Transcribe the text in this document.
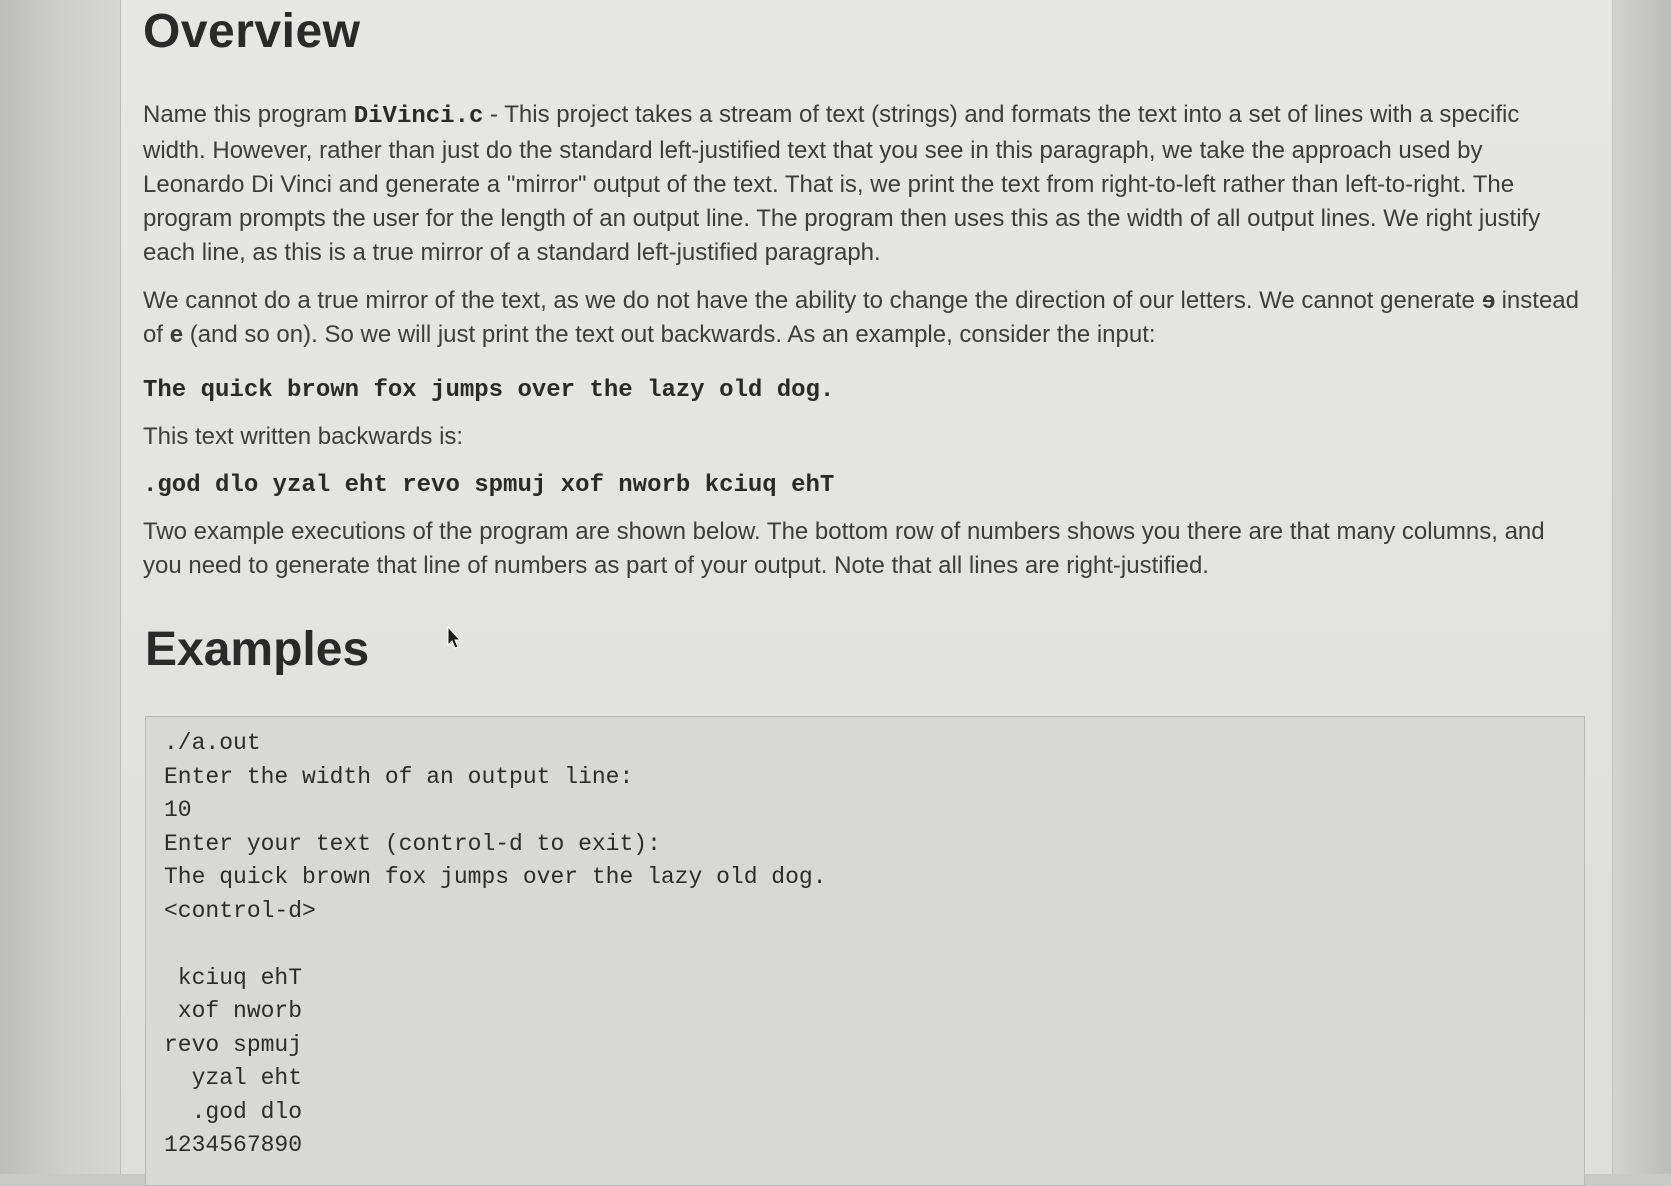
Overview

Name this program DiVinci.c - This project takes a stream of text (strings) and formats the text into a set of lines with a specific width. However, rather than just do the standard left-justified text that you see in this paragraph, we take the approach used by Leonardo Di Vinci and generate a "mirror" output of the text. That is, we print the text from right-to-left rather than left-to-right. The program prompts the user for the length of an output line. The program then uses this as the width of all output lines. We right justify each line, as this is a true mirror of a standard left-justified paragraph.

We cannot do a true mirror of the text, as we do not have the ability to change the direction of our letters. We cannot generate e instead of e (and so on). So we will just print the text out backwards. As an example, consider the input:

The quick brown fox jumps over the lazy old dog.

This text written backwards is:

.god dlo yzal eht revo spmuj xof nworb kciuq ehT

Two example executions of the program are shown below. The bottom row of numbers shows you there are that many columns, and you need to generate that line of numbers as part of your output. Note that all lines are right-justified.

Examples
./a.out
Enter the width of an output line:
10
Enter your text (control-d to exit):
The quick brown fox jumps over the lazy old dog.
<control-d>
kciuq ehT
xof nworb
revo spmuj
yzal eht
.god dlo
1234567890
